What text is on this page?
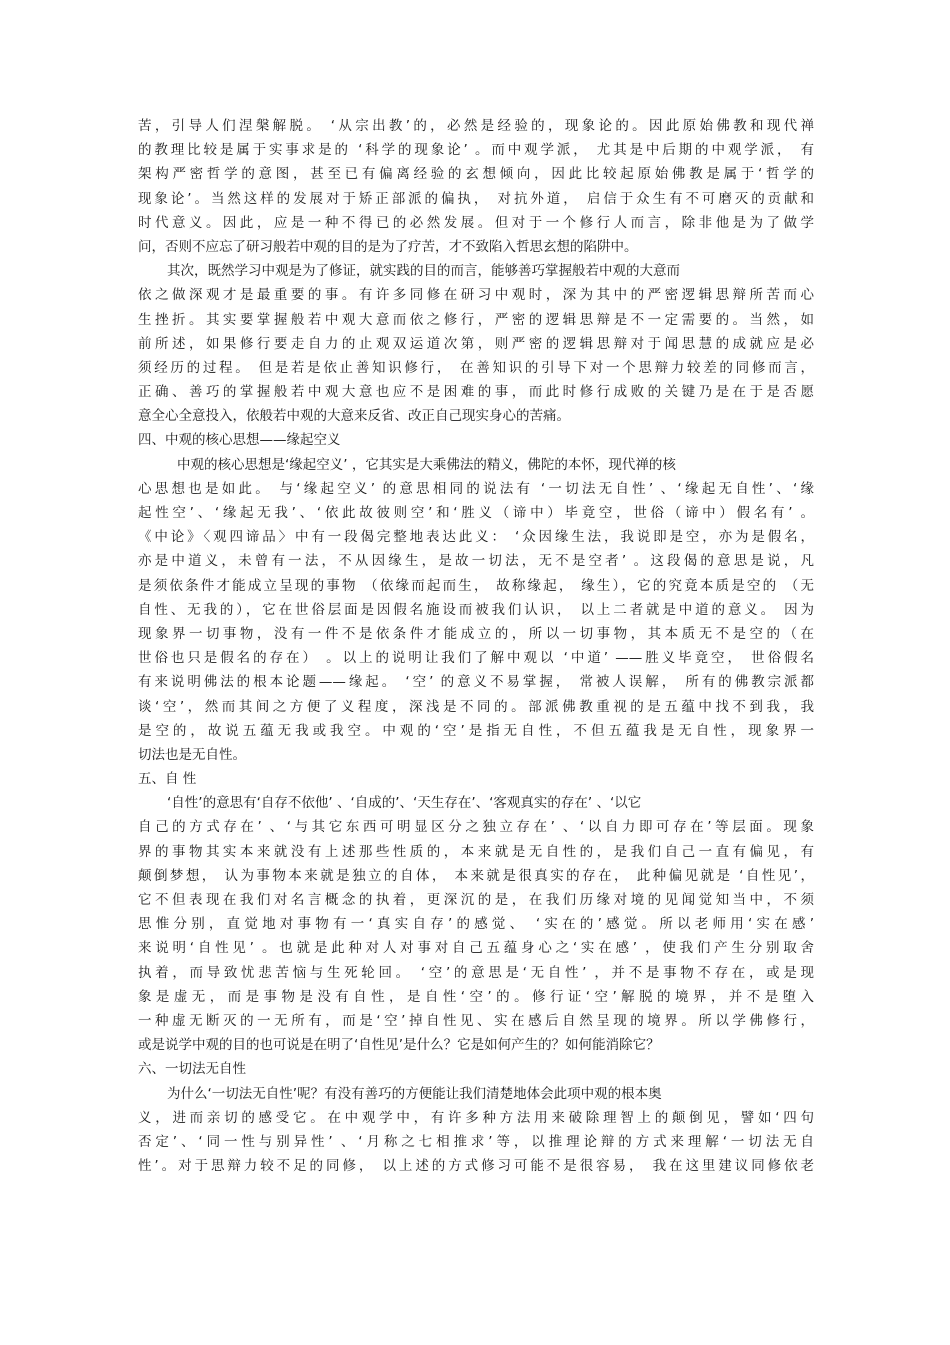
苦，引导人们涅槃解脱。 ‘从宗出教’的，必然是经验的，现象论的。因此原始佛教和现代禅
的教理比较是属于实事求是的 ‘科学的现象论’ 。而中观学派， 尤其是中后期的中观学派， 有
架构严密哲学的意图，甚至已有偏离经验的玄想倾向，因此比较起原始佛教是属于‘哲学的
现象论’。当然这样的发展对于矫正部派的偏执， 对抗外道， 启信于众生有不可磨灭的贡献和
时代意义。因此，应是一种不得已的必然发展。但对于一个修行人而言，除非他是为了做学
问，否则不应忘了研习般若中观的目的是为了疗苦，才不致陷入哲思玄想的陷阱中。
其次，既然学习中观是为了修证，就实践的目的而言，能够善巧掌握般若中观的大意而
依之做深观才是最重要的事。有许多同修在研习中观时，深为其中的严密逻辑思辩所苦而心
生挫折。其实要掌握般若中观大意而依之修行，严密的逻辑思辩是不一定需要的。当然，如
前所述，如果修行要走自力的止观双运道次第，则严密的逻辑思辩对于闻思慧的成就应是必
须经历的过程。 但是若是依止善知识修行， 在善知识的引导下对一个思辩力较差的同修而言，
正确、善巧的掌握般若中观大意也应不是困难的事，而此时修行成败的关键乃是在于是否愿
意全心全意投入，依般若中观的大意来反省、改正自己现实身心的苦痛。
四、中观的核心思想——缘起空义
中观的核心思想是‘缘起空义’ ，它其实是大乘佛法的精义，佛陀的本怀，现代禅的核
心思想也是如此。 与‘缘起空义’ 的意思相同的说法有 ‘一切法无自性’ 、‘缘起无自性’、‘缘
起性空’、‘缘起无我’、‘依此故彼则空’和‘胜义（谛中）毕竟空，世俗（谛中）假名有’ 。
《中论》〈观四谛品〉中有一段偈完整地表达此义： ‘众因缘生法，我说即是空，亦为是假名，
亦是中道义，未曾有一法，不从因缘生，是故一切法，无不是空者’ 。这段偈的意思是说，凡
是须依条件才能成立呈现的事物 （依缘而起而生， 故称缘起， 缘生），它的究竟本质是空的 （无
自性、无我的），它在世俗层面是因假名施设而被我们认识， 以上二者就是中道的意义。 因为
现象界一切事物，没有一件不是依条件才能成立的，所以一切事物，其本质无不是空的（在
世俗也只是假名的存在） 。以上的说明让我们了解中观以 ‘中道’ ——胜义毕竟空， 世俗假名
有来说明佛法的根本论题——缘起。 ‘空’ 的意义不易掌握， 常被人误解， 所有的佛教宗派都
谈‘空’，然而其间之方便了义程度，深浅是不同的。部派佛教重视的是五蕴中找不到我，我
是空的，故说五蕴无我或我空。中观的‘空’是指无自性，不但五蕴我是无自性，现象界一
切法也是无自性。
五、自 性
‘自性’的意思有‘自存不依他’ 、‘自成的’、‘天生存在’、‘客观真实的存在’ 、‘以它
自己的方式存在’ 、‘与其它东西可明显区分之独立存在’ 、‘以自力即可存在’等层面。现象
界的事物其实本来就没有上述那些性质的，本来就是无自性的，是我们自己一直有偏见，有
颠倒梦想， 认为事物本来就是独立的自体， 本来就是很真实的存在， 此种偏见就是 ‘自性见’，
它不但表现在我们对名言概念的执着，更深沉的是，在我们历缘对境的见闻觉知当中，不须
思惟分别，直觉地对事物有一‘真实自存’的感觉、 ‘实在的’感觉。所以老师用‘实在感’
来说明‘自性见’ 。也就是此种对人对事对自己五蕴身心之‘实在感’ ，使我们产生分别取舍
执着，而导致忧悲苦恼与生死轮回。 ‘空’的意思是‘无自性’ ，并不是事物不存在，或是现
象是虚无，而是事物是没有自性，是自性‘空’的。修行证‘空’解脱的境界，并不是堕入
一种虚无断灭的一无所有，而是‘空’掉自性见、实在感后自然呈现的境界。所以学佛修行，
或是说学中观的目的也可说是在明了‘自性见’是什么？它是如何产生的？如何能消除它？
六、一切法无自性
为什么‘一切法无自性’呢？有没有善巧的方便能让我们清楚地体会此项中观的根本奥
义，进而亲切的感受它。在中观学中，有许多种方法用来破除理智上的颠倒见，譬如‘四句
否定’、‘同一性与别异性’ 、‘月称之七相推求’等，以推理论辩的方式来理解‘一切法无自
性’。对于思辩力较不足的同修， 以上述的方式修习可能不是很容易， 我在这里建议同修依老
